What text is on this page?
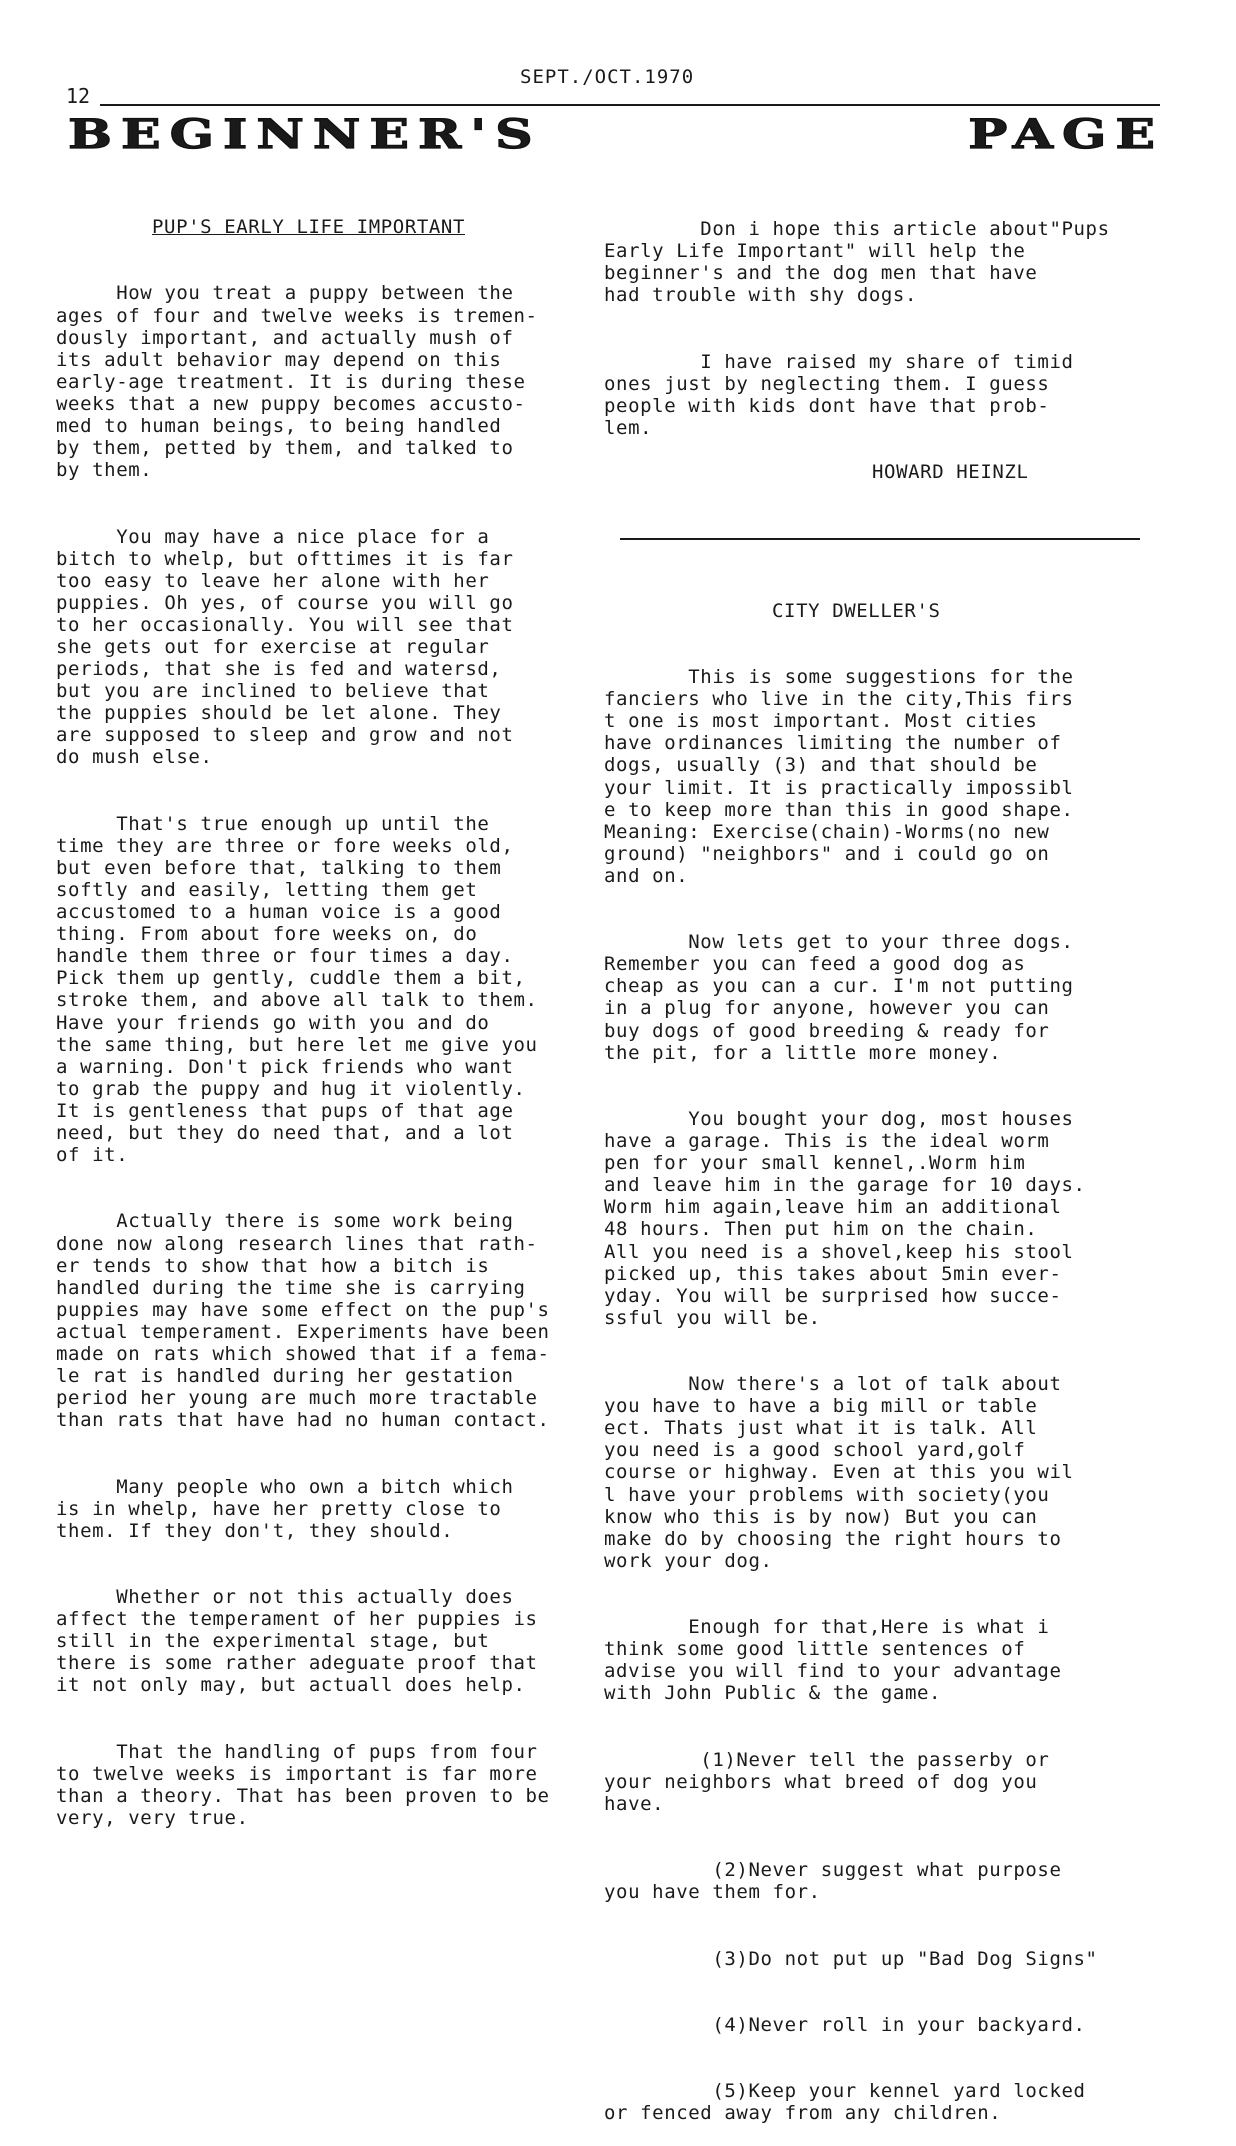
SEPT./OCT.1970
12
BEGINNER'S	PAGE

PUP'S EARLY LIFE IMPORTANT

How you treat a puppy between the
ages of four and twelve weeks is tremen-
dously important, and actually mush of
its adult behavior may depend on this
early-age treatment. It is during these
weeks that a new puppy becomes accusto-
med to human beings, to being handled
by them, petted by them, and talked to
by them.

You may have a nice place for a
bitch to whelp, but ofttimes it is far
too easy to leave her alone with her
puppies. Oh yes, of course you will go
to her occasionally. You will see that
she gets out for exercise at regular
periods, that she is fed and watersd,
but you are inclined to believe that
the puppies should be let alone. They
are supposed to sleep and grow and not
do mush else.

That's true enough up until the
time they are three or fore weeks old,
but even before that, talking to them
softly and easily, letting them get
accustomed to a human voice is a good
thing. From about fore weeks on, do
handle them three or four times a day.
Pick them up gently, cuddle them a bit,
stroke them, and above all talk to them.
Have your friends go with you and do
the same thing, but here let me give you
a warning. Don't pick friends who want
to grab the puppy and hug it violently.
It is gentleness that pups of that age
need, but they do need that, and a lot
of it.

Actually there is some work being
done now along research lines that rath-
er tends to show that how a bitch is
handled during the time she is carrying
puppies may have some effect on the pup's
actual temperament. Experiments have been
made on rats which showed that if a fema-
le rat is handled during her gestation
period her young are much more tractable
than rats that have had no human contact.

Many people who own a bitch which
is in whelp, have her pretty close to
them. If they don't, they should.

Whether or not this actually does
affect the temperament of her puppies is
still in the experimental stage, but
there is some rather adeguate proof that
it not only may, but actuall does help.

That the handling of pups from four
to twelve weeks is important is far more
than a theory. That has been proven to be
very, very true.

Don i hope this article about"Pups
Early Life Important" will help the
beginner's and the dog men that have
had trouble with shy dogs.

I have raised my share of timid
ones just by neglecting them. I guess
people with kids dont have that prob-
lem.

HOWARD HEINZL

CITY DWELLER'S

This is some suggestions for the
fanciers who live in the city,This firs
t one is most important. Most cities
have ordinances limiting the number of
dogs, usually (3) and that should be
your limit. It is practically impossibl
e to keep more than this in good shape.
Meaning: Exercise(chain)-Worms(no new
ground) "neighbors" and i could go on
and on.

Now lets get to your three dogs.
Remember you can feed a good dog as
cheap as you can a cur. I'm not putting
in a plug for anyone, however you can
buy dogs of good breeding & ready for
the pit, for a little more money.

You bought your dog, most houses
have a garage. This is the ideal worm
pen for your small kennel,.Worm him
and leave him in the garage for 10 days.
Worm him again,leave him an additional
48 hours. Then put him on the chain.
All you need is a shovel,keep his stool
picked up, this takes about 5min ever-
yday. You will be surprised how succe-
ssful you will be.

Now there's a lot of talk about
you have to have a big mill or table
ect. Thats just what it is talk. All
you need is a good school yard,golf
course or highway. Even at this you wil
l have your problems with society(you
know who this is by now) But you can
make do by choosing the right hours to
work your dog.

Enough for that,Here is what i
think some good little sentences of
advise you will find to your advantage
with John Public & the game.

(1)Never tell the passerby or
your neighbors what breed of dog you
have.

(2)Never suggest what purpose
you have them for.

(3)Do not put up "Bad Dog Signs"

(4)Never roll in your backyard.

(5)Keep your kennel yard locked
or fenced away from any children.
